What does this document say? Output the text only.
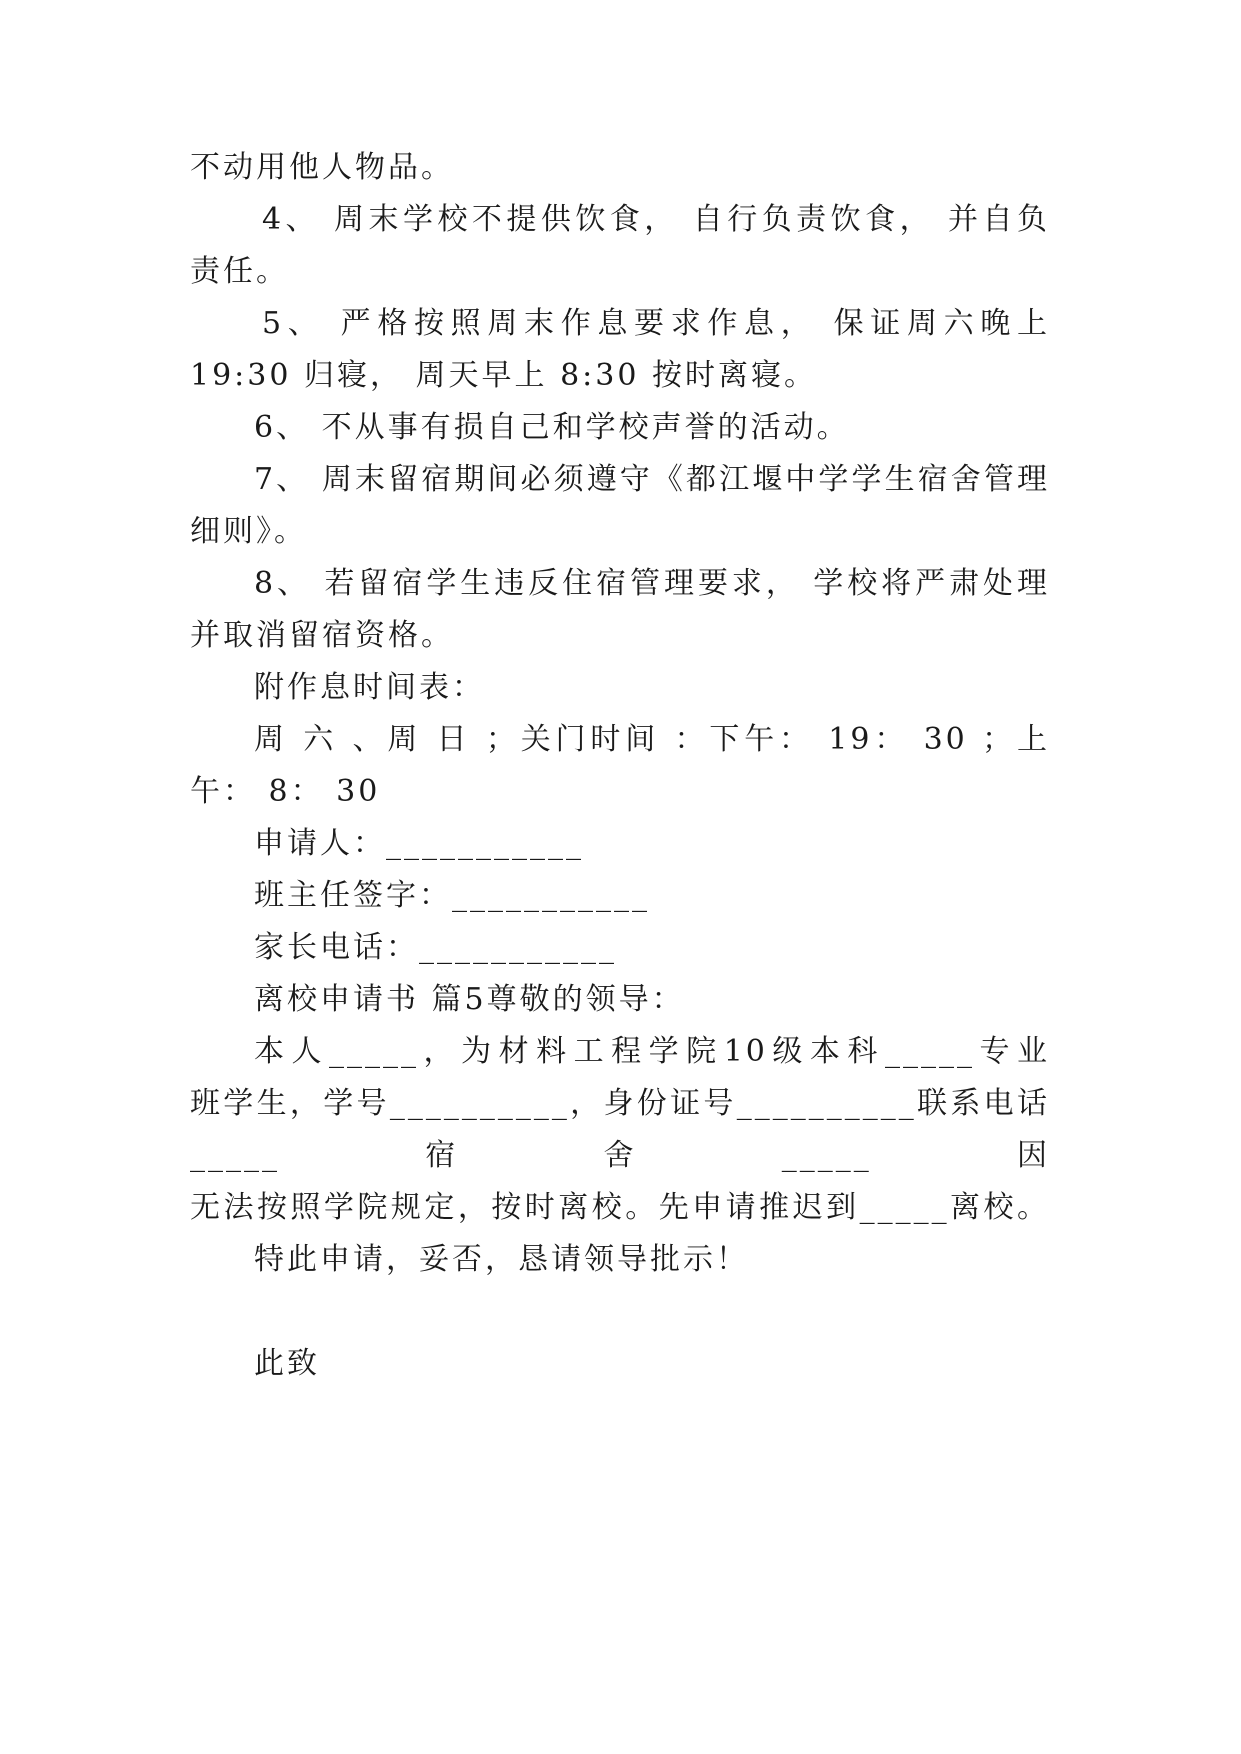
不动用他人物品。
4、 周末学校不提供饮食， 自行负责饮食， 并自负
责任。
5、 严格按照周末作息要求作息， 保证周六晚上
19:30 归寝， 周天早上 8:30 按时离寝。
6、 不从事有损自己和学校声誉的活动。
7、 周末留宿期间必须遵守《都江堰中学学生宿舍管理
细则》。
8、 若留宿学生违反住宿管理要求， 学校将严肃处理
并取消留宿资格。
附作息时间表：
周 六 、周 日 ；关门时间 ：下午： 19： 30 ；上
午： 8： 30
申请人：___________
班主任签字：___________
家长电话：___________
离校申请书 篇5尊敬的领导：
本人_____，为材料工程学院10级本科_____专业
班学生，学号__________，身份证号__________联系电话
_____宿舍_____因
无法按照学院规定，按时离校。先申请推迟到_____离校。
特此申请，妥否，恳请领导批示！
此致
